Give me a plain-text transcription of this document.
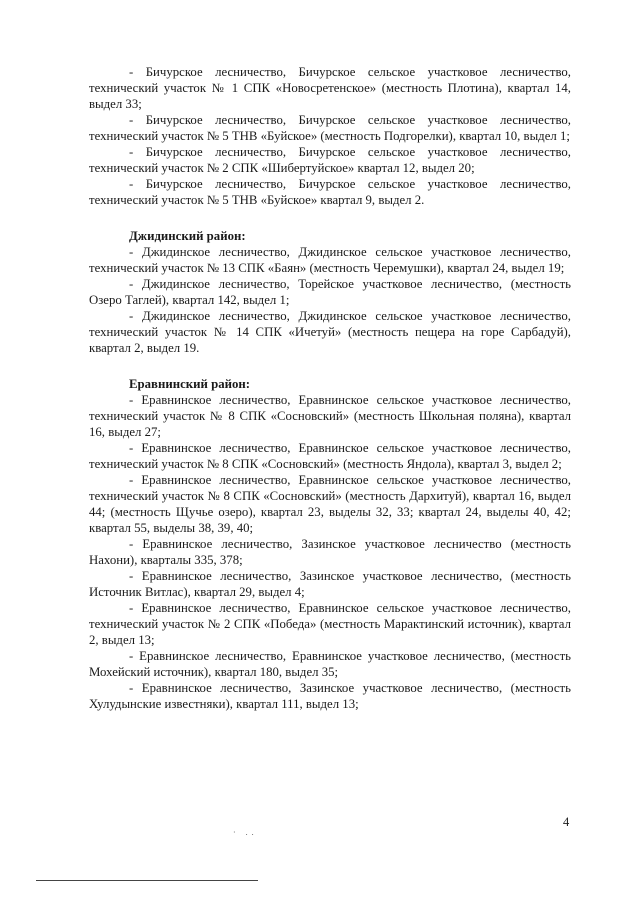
- Бичурское лесничество, Бичурское сельское участковое лесничество, технический участок № 1 СПК «Новосретенское» (местность Плотина), квартал 14, выдел 33;

- Бичурское лесничество, Бичурское сельское участковое лесничество, технический участок № 5 ТНВ «Буйское» (местность Подгорелки), квартал 10, выдел 1;

- Бичурское лесничество, Бичурское сельское участковое лесничество, технический участок № 2 СПК «Шибертуйское» квартал 12, выдел 20;

- Бичурское лесничество, Бичурское сельское участковое лесничество, технический участок № 5 ТНВ «Буйское» квартал 9, выдел 2.

Джидинский район:

- Джидинское лесничество, Джидинское сельское участковое лесничество, технический участок № 13 СПК «Баян» (местность Черемушки), квартал 24, выдел 19;

- Джидинское лесничество, Торейское участковое лесничество, (местность Озеро Таглей), квартал 142, выдел 1;

- Джидинское лесничество, Джидинское сельское участковое лесничество, технический участок № 14 СПК «Ичетуй» (местность пещера на горе Сарбадуй), квартал 2, выдел 19.

Еравнинский район:

- Еравнинское лесничество, Еравнинское сельское участковое лесничество, технический участок № 8 СПК «Сосновский» (местность Школьная поляна), квартал 16, выдел 27;

- Еравнинское лесничество, Еравнинское сельское участковое лесничество, технический участок № 8 СПК «Сосновский» (местность Яндола), квартал 3, выдел 2;

- Еравнинское лесничество, Еравнинское сельское участковое лесничество, технический участок № 8 СПК «Сосновский» (местность Дархитуй), квартал 16, выдел 44; (местность Щучье озеро), квартал 23, выделы 32, 33; квартал 24, выделы 40, 42; квартал 55, выделы 38, 39, 40;

- Еравнинское лесничество, Зазинское участковое лесничество (местность Нахони), кварталы 335, 378;

- Еравнинское лесничество, Зазинское участковое лесничество, (местность Источник Витлас), квартал 29, выдел 4;

- Еравнинское лесничество, Еравнинское сельское участковое лесничество, технический участок № 2 СПК «Победа» (местность Марактинский источник), квартал 2, выдел 13;

- Еравнинское лесничество, Еравнинское участковое лесничество, (местность Мохейский источник), квартал 180, выдел 35;

- Еравнинское лесничество, Зазинское участковое лесничество, (местность Хулудынские известняки), квартал 111, выдел 13;

4
· ..
